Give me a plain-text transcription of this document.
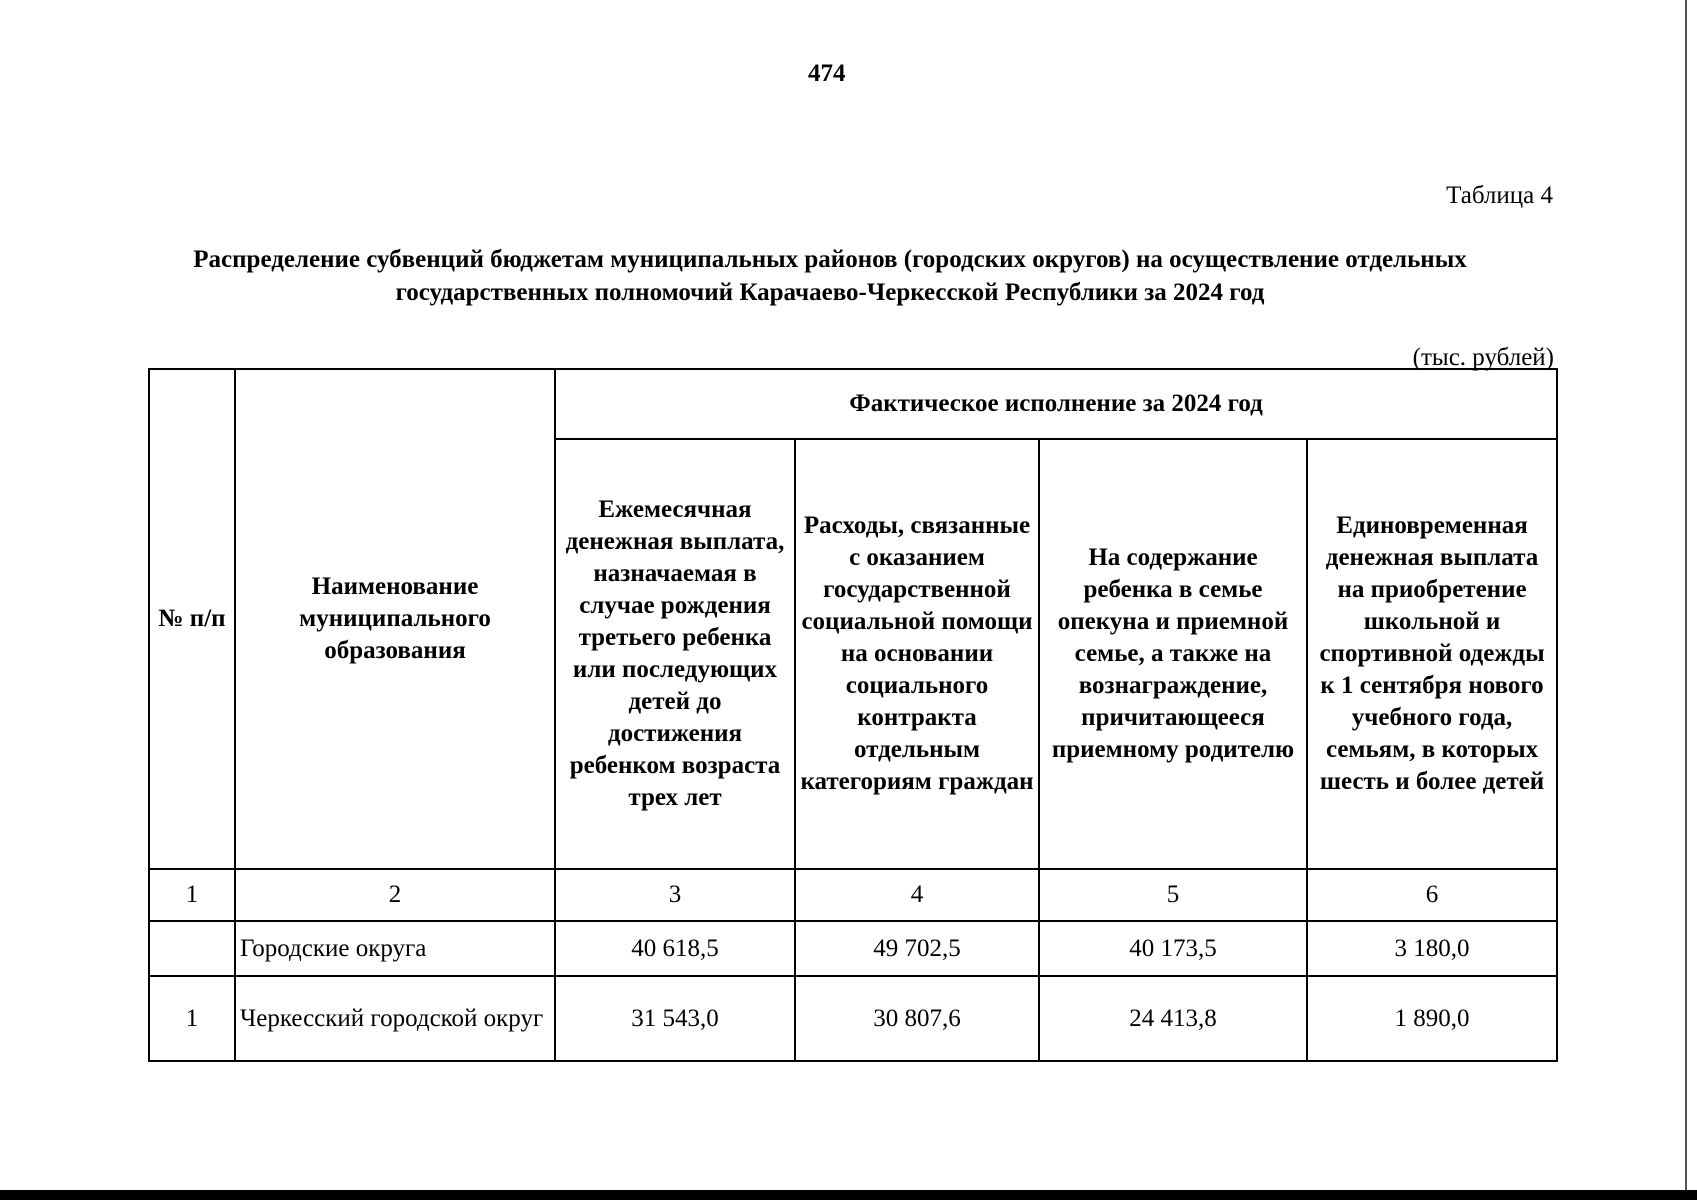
474
Таблица 4
Распределение субвенций бюджетам муниципальных районов (городских округов) на осуществление отдельных государственных полномочий Карачаево-Черкесской Республики за 2024 год
(тыс. рублей)
№ п/п	Наименование муниципального образования	Фактическое исполнение за 2024 год			
		Ежемесячная денежная выплата, назначаемая в случае рождения третьего ребенка или последующих детей до достижения ребенком возраста трех лет	Расходы, связанные с оказанием государственной социальной помощи на основании социального контракта отдельным категориям граждан	На содержание ребенка в семье опекуна и приемной семье, а также на вознаграждение, причитающееся приемному родителю	Единовременная денежная выплата на приобретение школьной и спортивной одежды к 1 сентября нового учебного года, семьям, в которых шесть и более детей
1	2	3	4	5	6
	Городские округа	40 618,5	49 702,5	40 173,5	3 180,0
1	Черкесский городской округ	31 543,0	30 807,6	24 413,8	1 890,0
